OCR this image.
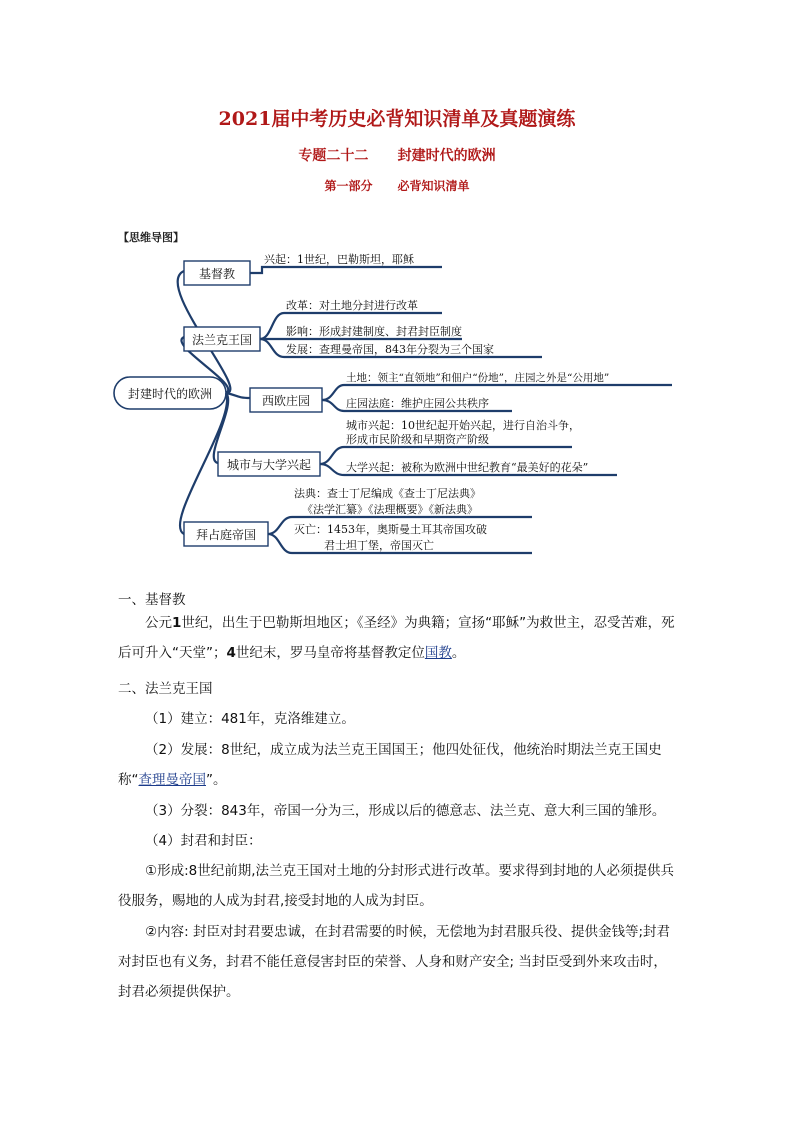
2021届中考历史必背知识清单及真题演练
专题二十二      封建时代的欧洲
第一部分      必背知识清单
【思维导图】
封建时代的欧洲
基督教
法兰克王国
西欧庄园
城市与大学兴起
拜占庭帝国
兴起：1世纪，巴勒斯坦，耶稣
改革：对土地分封进行改革
影响：形成封建制度、封君封臣制度
发展：查理曼帝国，843年分裂为三个国家
土地：领主“直领地”和佃户“份地”，庄园之外是“公用地”
庄园法庭：维护庄园公共秩序
城市兴起：10世纪起开始兴起，进行自治斗争，
形成市民阶级和早期资产阶级
大学兴起：被称为欧洲中世纪教育“最美好的花朵”
法典：查士丁尼编成《查士丁尼法典》
《法学汇纂》《法理概要》《新法典》
灭亡：1453年，奥斯曼土耳其帝国攻破
君士坦丁堡，帝国灭亡
一、基督教
公元1世纪，出生于巴勒斯坦地区；《圣经》为典籍；宣扬“耶稣”为救世主，忍受苦难，死后可升入“天堂”；4世纪末，罗马皇帝将基督教定位国教。
二、法兰克王国
（1）建立：481年，克洛维建立。
（2）发展：8世纪，成立成为法兰克王国国王；他四处征伐，他统治时期法兰克王国史称“查理曼帝国”。
（3）分裂：843年，帝国一分为三，形成以后的德意志、法兰克、意大利三国的雏形。
（4）封君和封臣：
①形成:8世纪前期,法兰克王国对土地的分封形式进行改革。要求得到封地的人必须提供兵役服务，赐地的人成为封君,接受封地的人成为封臣。
②内容: 封臣对封君要忠诚，在封君需要的时候，无偿地为封君服兵役、提供金钱等;封君对封臣也有义务，封君不能任意侵害封臣的荣誉、人身和财产安全; 当封臣受到外来攻击时，封君必须提供保护。
